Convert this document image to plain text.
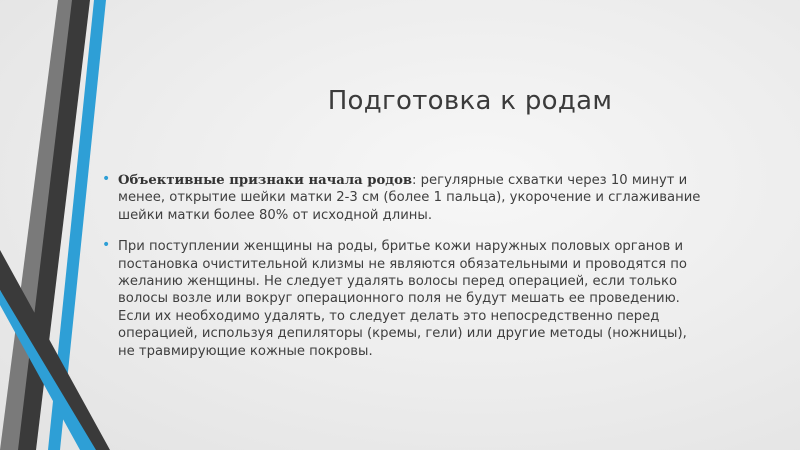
Подготовка к родам

• Объективные признаки начала родов: регулярные схватки через 10 минут и менее, открытие шейки матки 2-3 см (более 1 пальца), укорочение и сглаживание шейки матки более 80% от исходной длины.

• При поступлении женщины на роды, бритье кожи наружных половых органов и постановка очистительной клизмы не являются обязательными и проводятся по желанию женщины. Не следует удалять волосы перед операцией, если только волосы возле или вокруг операционного поля не будут мешать ее проведению. Если их необходимо удалять, то следует делать это непосредственно перед операцией, используя депиляторы (кремы, гели) или другие методы (ножницы), не травмирующие кожные покровы.
